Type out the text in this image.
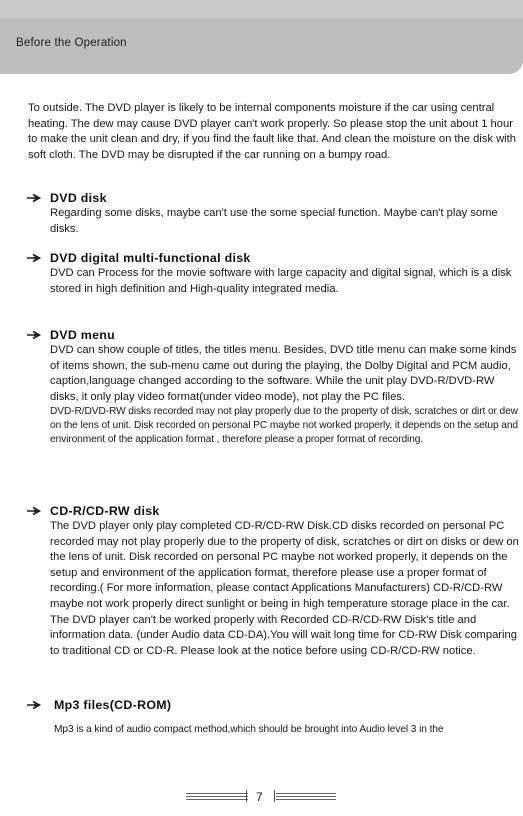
Before the Operation

To outside. The DVD player is likely to be internal components moisture if the car using central heating. The dew may cause DVD player can't work properly. So please stop the unit about 1 hour to make the unit clean and dry, if you find the fault like that. And clean the moisture on the disk with soft cloth. The DVD may be disrupted if the car running on a bumpy road.

DVD disk

Regarding some disks, maybe can't use the some special function. Maybe can't play some disks.

DVD digital multi-functional disk

DVD can Process for the movie software with large capacity and digital signal, which is a disk stored in high definition and High-quality integrated media.

DVD menu

DVD can show couple of titles, the titles menu. Besides, DVD title menu can make some kinds of items shown, the sub-menu came out during the playing, the Dolby Digital and PCM audio, caption,language changed according to the software. While the unit play DVD-R/DVD-RW disks, it only play video format(under video mode), not play the PC files.

DVD-R/DVD-RW disks recorded may not play properly due to the property of disk, scratches or dirt or dew on the lens of unit. Disk recorded on personal PC maybe not worked properly, it depends on the setup and environment of the application format , therefore please a proper format of recording.

CD-R/CD-RW disk

The DVD player only play completed CD-R/CD-RW Disk.CD disks recorded on personal PC recorded may not play properly due to the property of disk, scratches or dirt on disks or dew on the lens of unit. Disk recorded on personal PC maybe not worked properly, it depends on the setup and environment of the application format, therefore please use a proper format of recording.( For more information, please contact Applications Manufacturers) CD-R/CD-RW maybe not work properly direct sunlight or being in high temperature storage place in the car. The DVD player can't be worked properly with Recorded CD-R/CD-RW Disk's title and information data. (under Audio data CD-DA).You will wait long time for CD-RW Disk comparing to traditional CD or CD-R. Please look at the notice before using CD-R/CD-RW notice.

Mp3 files(CD-ROM)

Mp3 is a kind of audio compact method,which should be brought into Audio level 3 in the

7
